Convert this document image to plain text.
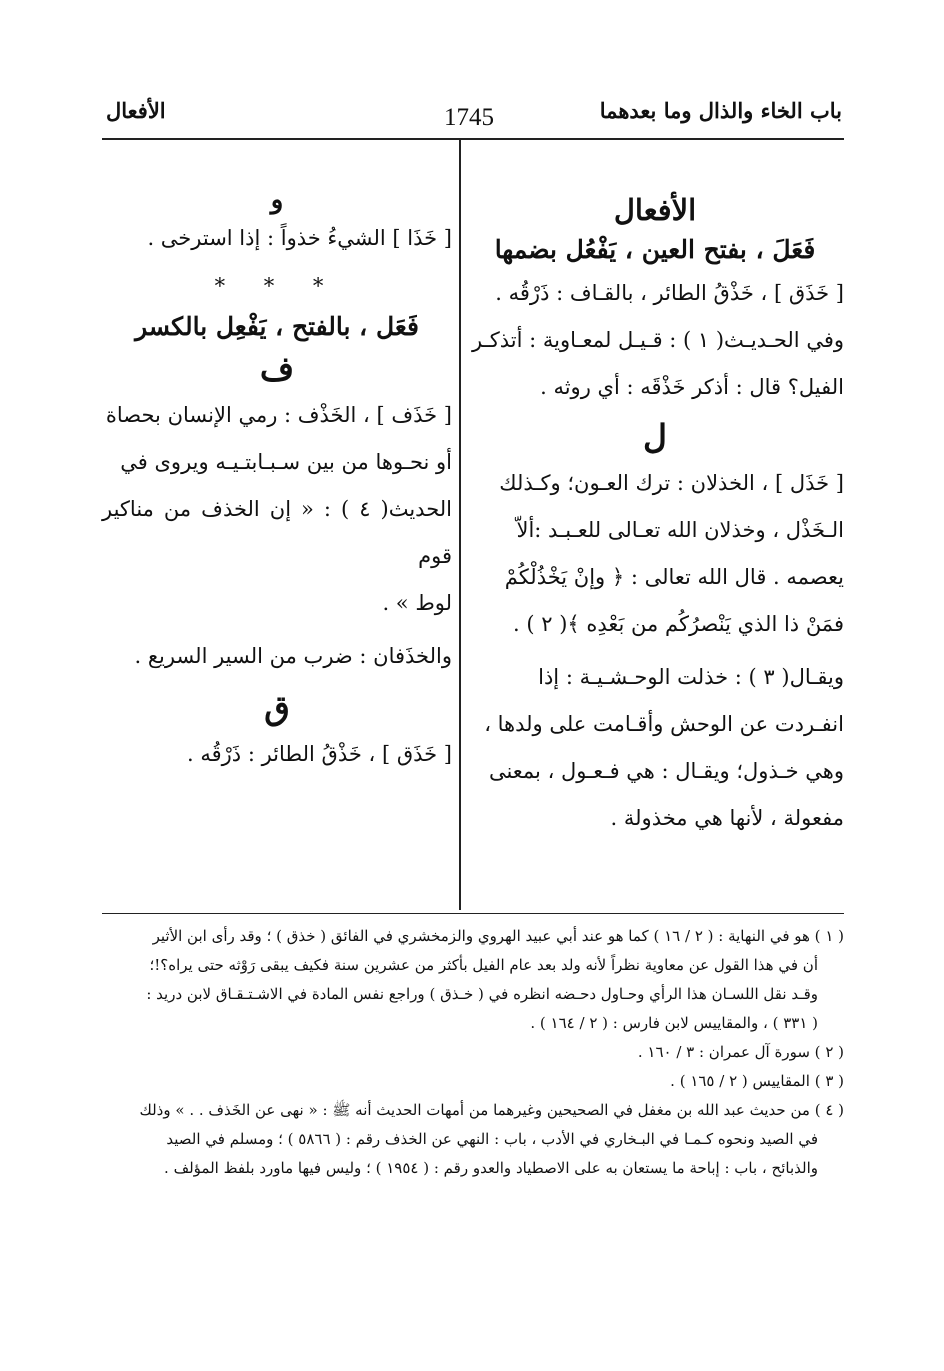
باب الخاء والذال وما بعدهما
1745
الأفعال

الأفعال

فَعَلَ ، بفتح العين ، يَفْعُل بضمها

[ خَذَق ] ، خَذْقُ الطائر ، بالقـاف : ذَرْقُه .

وفي الحـديـث( ١ ) : قـيـل لمعـاوية : أتذكـر

الفيل؟ قال : أذكر خَذْقَه : أي روثه .

ل

[ خَذَل ] ، الخذلان : ترك العـون؛ وكـذلك

الـخَذْل ، وخذلان الله تعـالى للعـبـد :ألاّ

يعصمه . قال الله تعالى : ﴿ وإنْ يَخْذُلْكُمْ

فمَنْ ذا الذي يَنْصرُكُم من بَعْدِه ﴾( ٢ ) .

ويقـال( ٣ ) : خذلت الوحـشـيـة : إذا

انفـردت عن الوحش وأقـامت على ولدها ،

وهي خـذول؛ ويقـال : هي فـعـول ، بمعنى

مفعولة ، لأنها هي مخذولة .

و

[ خَذَا ] الشيءُ خذواً : إذا استرخى .

* * *

فَعَل ، بالفتح ، يَفْعِل بالكسر

ف

[ خَذَف ] ، الخَذْف : رمي الإنسان بحصاة

أو نحـوها من بين سـبـابتـيـه ويروى في

الحديث( ٤ ) : « إن الخذف من مناكير قوم

لوط » .

والخذَفان : ضرب من السير السريع .

ق

[ خَذَق ] ، خَذْقُ الطائر : ذَرْقُه .

( ١ ) هو في النهاية : ( ٢ / ١٦ ) كما هو عند أبي عبيد الهروي والزمخشري في الفائق ( خذق ) ؛ وقد رأى ابن الأثير
أن في هذا القول عن معاوية نظراً لأنه ولد بعد عام الفيل بأكثر من عشرين سنة فكيف يبقى رَوْثه حتى يراه؟!؛
وقـد نقل اللسـان هذا الرأي وحـاول دحـضه انظره في ( خـذق ) وراجع نفس المادة في الاشـتـقـاق لابن دريد :
( ٣٣١ ) ، والمقاييس لابن فارس : ( ٢ / ١٦٤ ) .

( ٢ ) سورة آل عمران : ٣ / ١٦٠ .

( ٣ ) المقاييس ( ٢ / ١٦٥ ) .

( ٤ ) من حديث عبد الله بن مغفل في الصحيحين وغيرهما من أمهات الحديث أنه ﷺ : « نهى عن الخَذف . . » وذلك
في الصيد ونحوه كـمـا في البـخاري في الأدب ، باب : النهي عن الخذف رقم : ( ٥٨٦٦ ) ؛ ومسلم في الصيد
والذبائح ، باب : إباحة ما يستعان به على الاصطياد والعدو رقم : ( ١٩٥٤ ) ؛ وليس فيها ماورد بلفظ المؤلف .
